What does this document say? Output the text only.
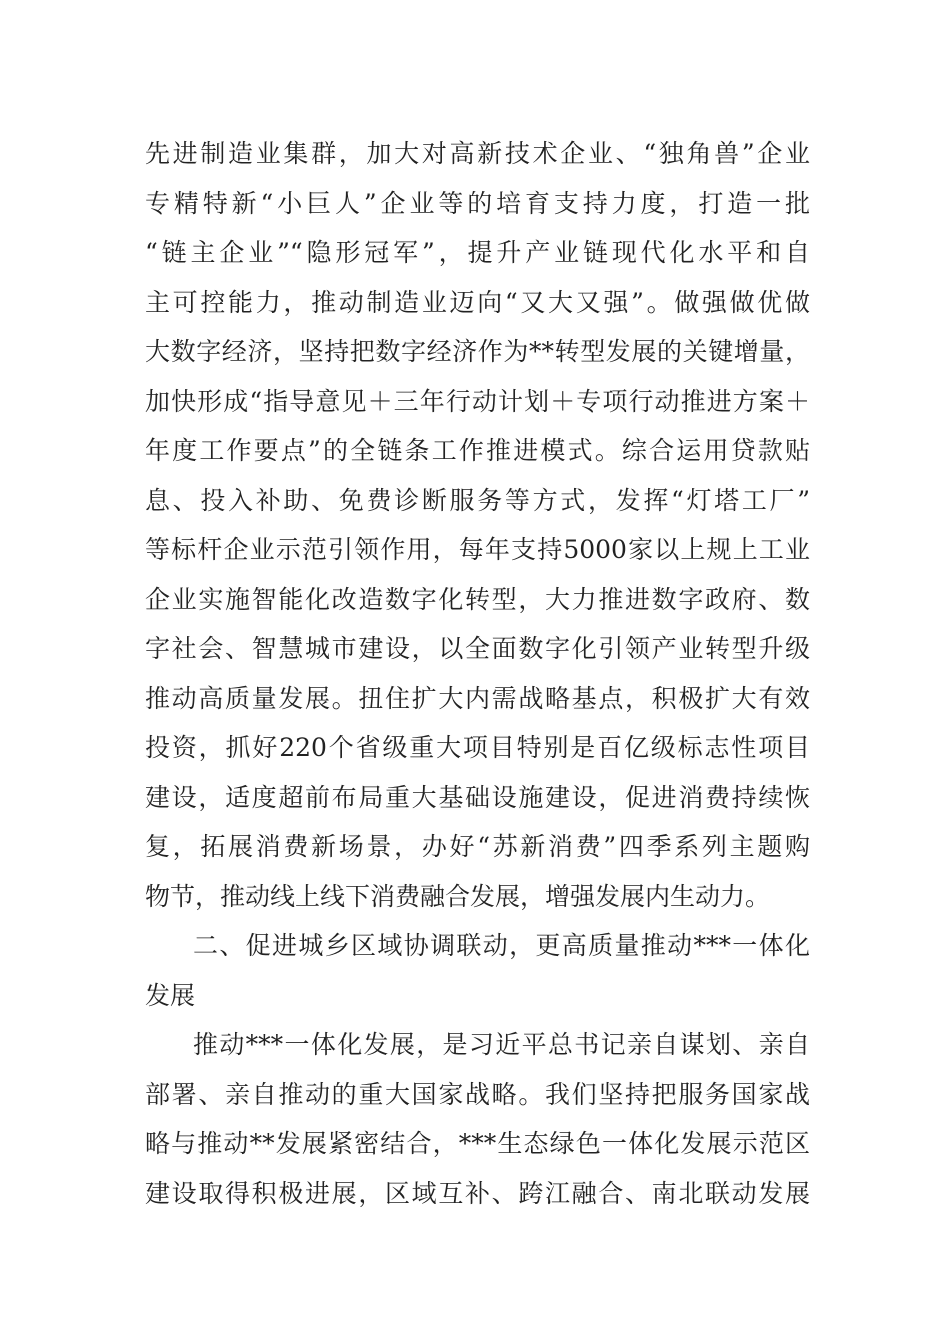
先进制造业集群，加大对高新技术企业、“独角兽”企业
专精特新“小巨人”企业等的培育支持力度，打造一批
“链主企业”“隐形冠军”，提升产业链现代化水平和自
主可控能力，推动制造业迈向“又大又强”。做强做优做
大数字经济，坚持把数字经济作为**转型发展的关键增量，
加快形成“指导意见＋三年行动计划＋专项行动推进方案＋
年度工作要点”的全链条工作推进模式。综合运用贷款贴
息、投入补助、免费诊断服务等方式，发挥“灯塔工厂”
等标杆企业示范引领作用，每年支持5000家以上规上工业
企业实施智能化改造数字化转型，大力推进数字政府、数
字社会、智慧城市建设，以全面数字化引领产业转型升级
推动高质量发展。扭住扩大内需战略基点，积极扩大有效
投资，抓好220个省级重大项目特别是百亿级标志性项目
建设，适度超前布局重大基础设施建设，促进消费持续恢
复，拓展消费新场景，办好“苏新消费”四季系列主题购
物节，推动线上线下消费融合发展，增强发展内生动力。
二、促进城乡区域协调联动，更高质量推动***一体化
发展
推动***一体化发展，是习近平总书记亲自谋划、亲自
部署、亲自推动的重大国家战略。我们坚持把服务国家战
略与推动**发展紧密结合，***生态绿色一体化发展示范区
建设取得积极进展，区域互补、跨江融合、南北联动发展
